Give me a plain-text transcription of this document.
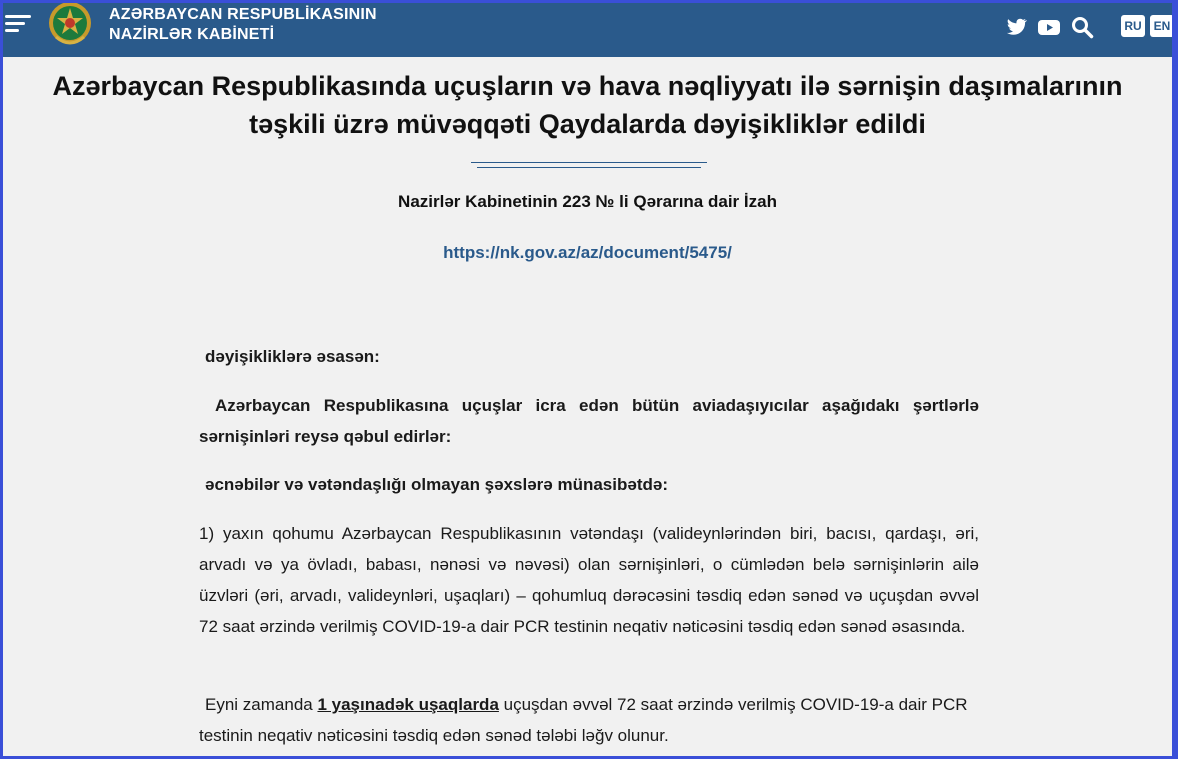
AZƏRBAYCAN RESPUBLİKASININ
NAZİRLƏR KABİNETİ	RU EN
Azərbaycan Respublikasında uçuşların və hava nəqliyyatı ilə sərnişin daşımalarının
təşkili üzrə müvəqqəti Qaydalarda dəyişikliklər edildi
Nazirlər Kabinetinin 223 № li Qərarına dair İzah
https://nk.gov.az/az/document/5475/
dəyişikliklərə əsasən:
Azərbaycan Respublikasına uçuşlar icra edən bütün aviadaşıyıcılar aşağıdakı şərtlərlə sərnişinləri reysə qəbul edirlər:
əcnəbilər və vətəndaşlığı olmayan şəxslərə münasibətdə:
1) yaxın qohumu Azərbaycan Respublikasının vətəndaşı (valideynlərindən biri, bacısı, qardaşı, əri, arvadı və ya övladı, babası, nənəsi və nəvəsi) olan sərnişinləri, o cümlədən belə sərnişinlərin ailə üzvləri (əri, arvadı, valideynləri, uşaqları) – qohumluq dərəcəsini təsdiq edən sənəd və uçuşdan əvvəl 72 saat ərzində verilmiş COVID-19-a dair PCR testinin neqativ nəticəsini təsdiq edən sənəd əsasında.
Eyni zamanda 1 yaşınadək uşaqlarda uçuşdan əvvəl 72 saat ərzində verilmiş COVID-19-a dair PCR testinin neqativ nəticəsini təsdiq edən sənəd tələbi ləğv olunur.
